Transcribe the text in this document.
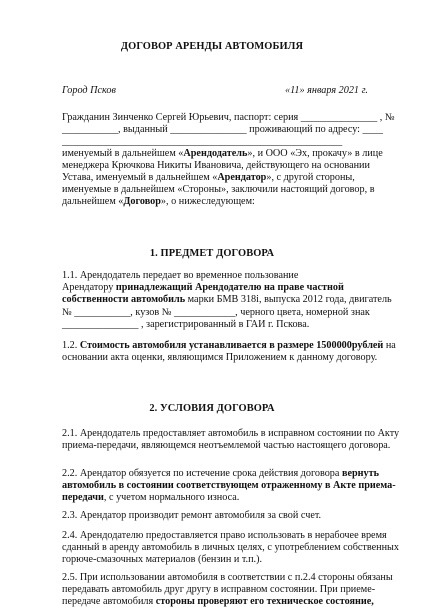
ДОГОВОР АРЕНДЫ АВТОМОБИЛЯ
Город Псков	«11» января 2021 г.
Гражданин Зинченко Сергей Юрьевич, паспорт: серия _______________ , №
___________, выданный _______________ проживающий по адресу: ____
_______________________________________________________
именуемый в дальнейшем «Арендодатель», и ООО «Эх, прокачу» в лице
менеджера Крючкова Никиты Ивановича, действующего на основании
Устава, именуемый в дальнейшем «Арендатор», с другой стороны,
именуемые в дальнейшем «Стороны», заключили настоящий договор, в
дальнейшем «Договор», о нижеследующем:
1. ПРЕДМЕТ ДОГОВОРА
1.1. Арендодатель передает во временное пользование
Арендатору принадлежащий Арендодателю на праве частной
собственности автомобиль марки БМВ 318i, выпуска 2012 года, двигатель
№ ___________, кузов № ____________, черного цвета, номерной знак
_______________ , зарегистрированный в ГАИ г. Пскова.
1.2. Стоимость автомобиля устанавливается в размере 1500000рублей на
основании акта оценки, являющимся Приложением к данному договору.
2. УСЛОВИЯ ДОГОВОРА
2.1. Арендодатель предоставляет автомобиль в исправном состоянии по Акту
приема-передачи, являющемся неотъемлемой частью настоящего договора.
2.2. Арендатор обязуется по истечение срока действия договора вернуть
автомобиль в состоянии соответствующем отраженному в Акте приема-
передачи, с учетом нормального износа.
2.3. Арендатор производит ремонт автомобиля за свой счет.
2.4. Арендодателю предоставляется право использовать в нерабочее время
сданный в аренду автомобиль в личных целях, с употреблением собственных
горюче-смазочных материалов (бензин и т.п.).
2.5. При использовании автомобиля в соответствии с п.2.4 стороны обязаны
передавать автомобиль друг другу в исправном состоянии. При приеме-
передаче автомобиля стороны проверяют его техническое состояние,
